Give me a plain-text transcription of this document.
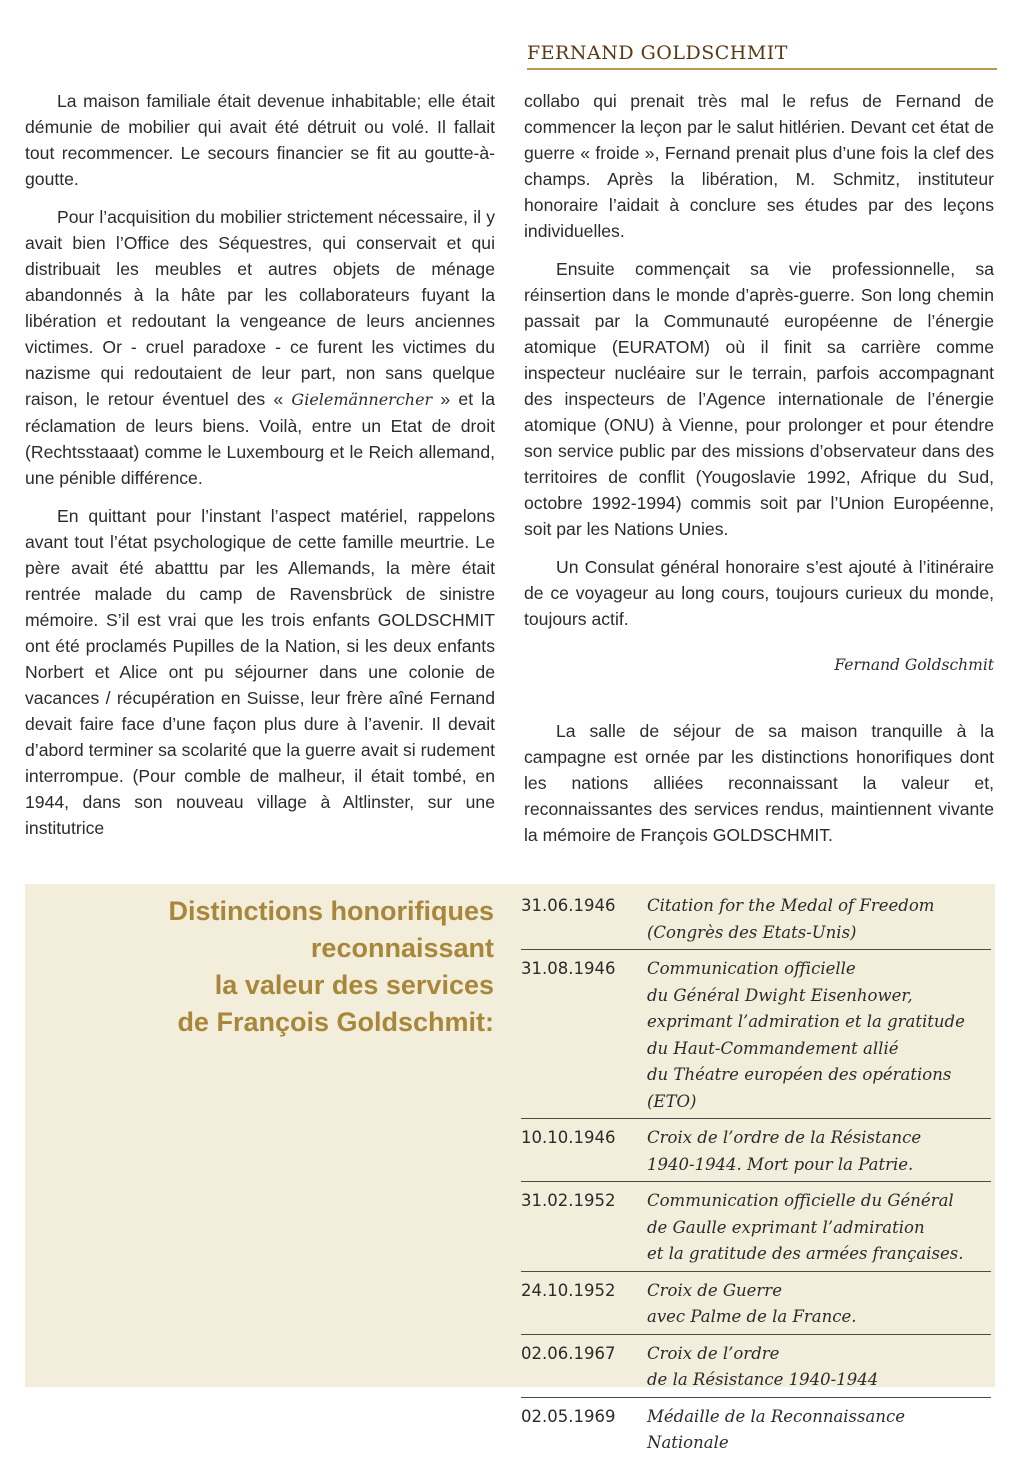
FERNAND GOLDSCHMIT

La maison familiale était devenue inhabitable; elle était démunie de mobilier qui avait été détruit ou volé. Il fallait tout recommencer. Le secours financier se fit au goutte-à-goutte.

Pour l’acquisition du mobilier strictement nécessaire, il y avait bien l’Office des Séquestres, qui conservait et qui distribuait les meubles et autres objets de ménage abandonnés à la hâte par les collaborateurs fuyant la libération et redoutant la vengeance de leurs anciennes victimes. Or - cruel paradoxe - ce furent les victimes du nazisme qui redoutaient de leur part, non sans quelque raison, le retour éventuel des « Gielemännercher » et la réclamation de leurs biens. Voilà, entre un Etat de droit (Rechtsstaaat) comme le Luxembourg et le Reich allemand, une pénible différence.

En quittant pour l’instant l’aspect matériel, rappelons avant tout l’état psychologique de cette famille meurtrie. Le père avait été abatttu par les Allemands, la mère était rentrée malade du camp de Ravensbrück de sinistre mémoire. S’il est vrai que les trois enfants GOLDSCHMIT ont été proclamés Pupilles de la Nation, si les deux enfants Norbert et Alice ont pu séjourner dans une colonie de vacances / récupération en Suisse, leur frère aîné Fernand devait faire face d’une façon plus dure à l’avenir. Il devait d’abord terminer sa scolarité que la guerre avait si rudement interrompue. (Pour comble de malheur, il était tombé, en 1944, dans son nouveau village à Altlinster, sur une institutrice

collabo qui prenait très mal le refus de Fernand de commencer la leçon par le salut hitlérien. Devant cet état de guerre « froide », Fernand prenait plus d’une fois la clef des champs. Après la libération, M. Schmitz, instituteur honoraire l’aidait à conclure ses études par des leçons individuelles.

Ensuite commençait sa vie professionnelle, sa réinsertion dans le monde d’après-guerre. Son long chemin passait par la Communauté européenne de l’énergie atomique (EURATOM) où il finit sa carrière comme inspecteur nucléaire sur le terrain, parfois accompagnant des inspecteurs de l’Agence internationale de l’énergie atomique (ONU) à Vienne, pour prolonger et pour étendre son service public par des missions d’observateur dans des territoires de conflit (Yougoslavie 1992, Afrique du Sud, octobre 1992-1994) commis soit par l’Union Européenne, soit par les Nations Unies.

Un Consulat général honoraire s’est ajouté à l’itinéraire de ce voyageur au long cours, toujours curieux du monde, toujours actif.

Fernand Goldschmit

La salle de séjour de sa maison tranquille à la campagne est ornée par les distinctions honorifiques dont les nations alliées reconnaissant la valeur et, reconnaissantes des services rendus, maintiennent vivante la mémoire de François GOLDSCHMIT.

Distinctions honorifiques
reconnaissant
la valeur des services
de François Goldschmit:
31.06.1946	Citation for the Medal of Freedom
(Congrès des Etats-Unis)
31.08.1946	Communication officielle
du Général Dwight Eisenhower,
exprimant l’admiration et la gratitude
du Haut-Commandement allié
du Théatre européen des opérations (ETO)
10.10.1946	Croix de l’ordre de la Résistance
1940-1944. Mort pour la Patrie.
31.02.1952	Communication officielle du Général
de Gaulle exprimant l’admiration
et la gratitude des armées françaises.
24.10.1952	Croix de Guerre
avec Palme de la France.
02.06.1967	Croix de l’ordre
de la Résistance 1940-1944
02.05.1969	Médaille de la Reconnaissance
Nationale
